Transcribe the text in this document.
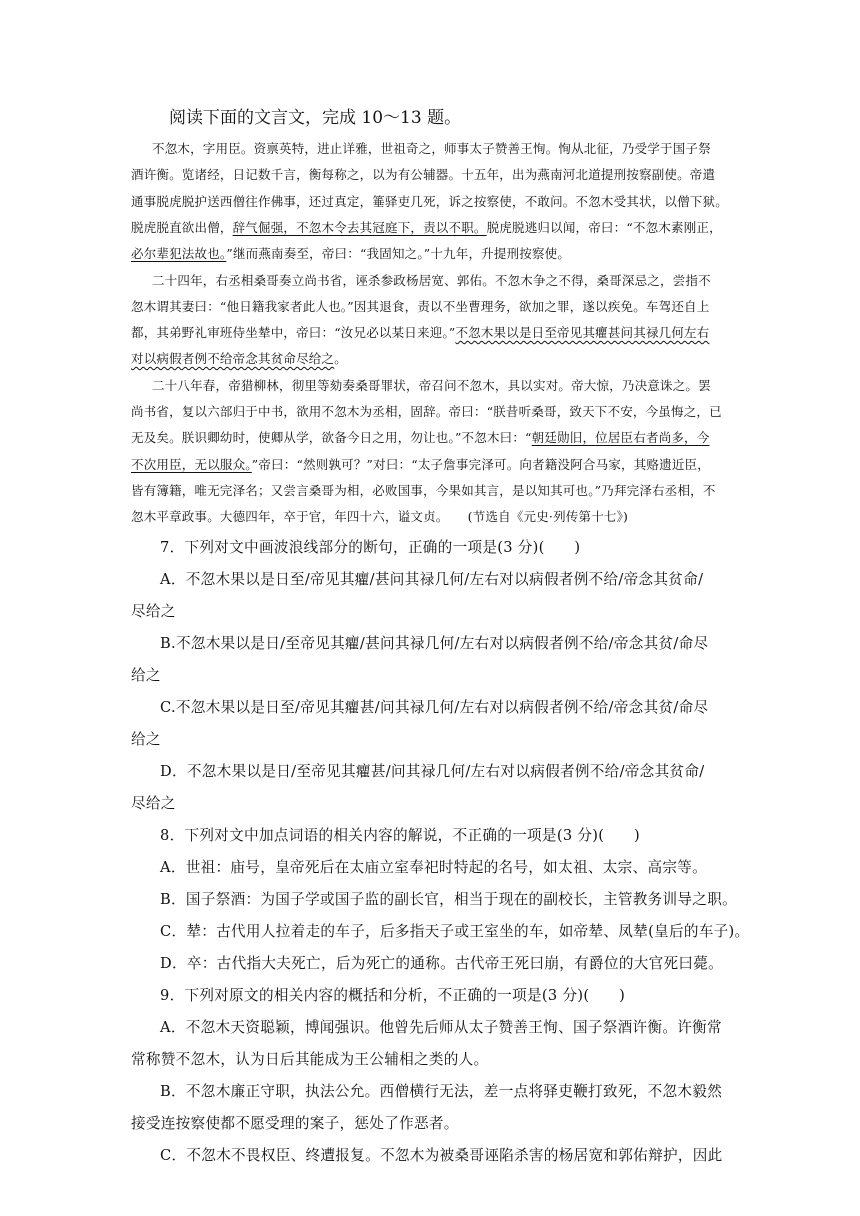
阅读下面的文言文，完成 10～13 题。
不忽木，字用臣。资禀英特，进止详雅，世祖奇之，师事太子赞善王恂。恂从北征，乃受学于国子祭
酒许衡。览诸经，日记数千言，衡每称之，以为有公辅器。十五年，出为燕南河北道提刑按察副使。帝遣
通事脱虎脱护送西僧往作佛事，还过真定，箠驿吏几死，诉之按察使，不敢问。不忽木受其状，以僧下狱。
脱虎脱直欲出僧，辞气倔强，不忽木令去其冠庭下，责以不职。脱虎脱逃归以闻，帝曰：“不忽木素刚正，
必尔辈犯法故也。”继而燕南奏至，帝曰：“我固知之。”十九年，升提刑按察使。
二十四年，右丞相桑哥奏立尚书省，诬杀参政杨居宽、郭佑。不忽木争之不得，桑哥深忌之，尝指不
忽木谓其妻曰：“他日籍我家者此人也。”因其退食，责以不坐曹理务，欲加之罪，遂以疾免。车驾还自上
都，其弟野礼审班侍坐辇中，帝曰：“汝兄必以某日来迎。”不忽木果以是日至帝见其癯甚问其禄几何左右
对以病假者例不给帝念其贫命尽给之。
二十八年春，帝猎柳林，彻里等劾奏桑哥罪状，帝召问不忽木，具以实对。帝大惊，乃决意诛之。罢
尚书省，复以六部归于中书，欲用不忽木为丞相，固辞。帝曰：“朕昔听桑哥，致天下不安，今虽悔之，已
无及矣。朕识卿幼时，使卿从学，欲备今日之用，勿让也。”不忽木曰：“朝廷勋旧，位居臣右者尚多，今
不次用臣，无以服众。”帝曰：“然则孰可？”对曰：“太子詹事完泽可。向者籍没阿合马家，其赂遗近臣，
皆有簿籍，唯无完泽名；又尝言桑哥为相，必败国事，今果如其言，是以知其可也。”乃拜完泽右丞相，不
忽木平章政事。大德四年，卒于官，年四十六，谥文贞。　　(节选自《元史·列传第十七》)
7．下列对文中画波浪线部分的断句，正确的一项是(3 分)(　　)
A．不忽木果以是日至/帝见其癯/甚问其禄几何/左右对以病假者例不给/帝念其贫命/
尽给之
B.不忽木果以是日/至帝见其癯/甚问其禄几何/左右对以病假者例不给/帝念其贫/命尽
给之
C.不忽木果以是日至/帝见其癯甚/问其禄几何/左右对以病假者例不给/帝念其贫/命尽
给之
D．不忽木果以是日/至帝见其癯甚/问其禄几何/左右对以病假者例不给/帝念其贫命/
尽给之
8．下列对文中加点词语的相关内容的解说，不正确的一项是(3 分)(　　)
A．世祖：庙号，皇帝死后在太庙立室奉祀时特起的名号，如太祖、太宗、高宗等。
B．国子祭酒：为国子学或国子监的副长官，相当于现在的副校长，主管教务训导之职。
C．辇：古代用人拉着走的车子，后多指天子或王室坐的车，如帝辇、凤辇(皇后的车子)。
D．卒：古代指大夫死亡，后为死亡的通称。古代帝王死曰崩，有爵位的大官死曰薨。
9．下列对原文的相关内容的概括和分析，不正确的一项是(3 分)(　　)
A．不忽木天资聪颖，博闻强识。他曾先后师从太子赞善王恂、国子祭酒许衡。许衡常
常称赞不忽木，认为日后其能成为王公辅相之类的人。
B．不忽木廉正守职，执法公允。西僧横行无法，差一点将驿吏鞭打致死，不忽木毅然
接受连按察使都不愿受理的案子，惩处了作恶者。
C．不忽木不畏权臣、终遭报复。不忽木为被桑哥诬陷杀害的杨居宽和郭佑辩护，因此
